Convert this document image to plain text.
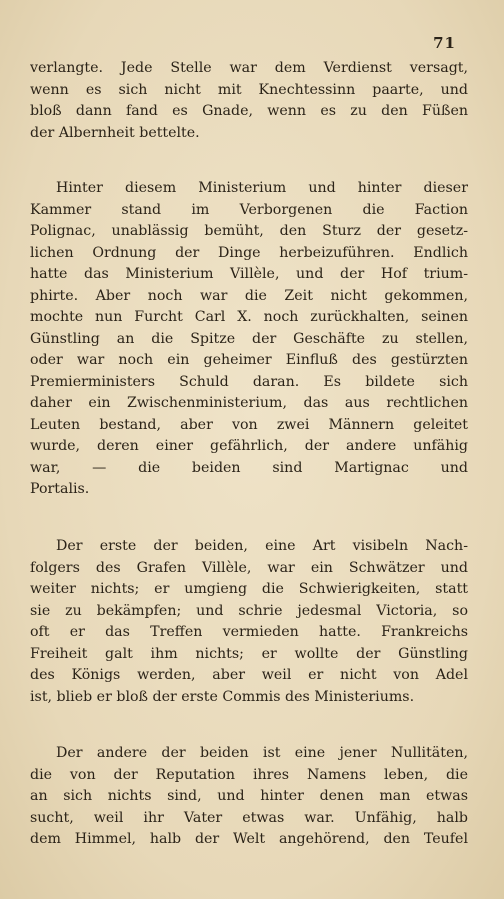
71
verlangte. Jede Stelle war dem Verdienst versagt,
wenn es sich nicht mit Knechtessinn paarte, und
bloß dann fand es Gnade, wenn es zu den Füßen
der Albernheit bettelte.
Hinter diesem Ministerium und hinter dieser
Kammer stand im Verborgenen die Faction
Polignac, unablässig bemüht, den Sturz der gesetz-
lichen Ordnung der Dinge herbeizuführen. Endlich
hatte das Ministerium Villèle, und der Hof trium-
phirte. Aber noch war die Zeit nicht gekommen,
mochte nun Furcht Carl X. noch zurückhalten, seinen
Günstling an die Spitze der Geschäfte zu stellen,
oder war noch ein geheimer Einfluß des gestürzten
Premierministers Schuld daran. Es bildete sich
daher ein Zwischenministerium, das aus rechtlichen
Leuten bestand, aber von zwei Männern geleitet
wurde, deren einer gefährlich, der andere unfähig
war, — die beiden sind Martignac und
Portalis.
Der erste der beiden, eine Art visibeln Nach-
folgers des Grafen Villèle, war ein Schwätzer und
weiter nichts; er umgieng die Schwierigkeiten, statt
sie zu bekämpfen; und schrie jedesmal Victoria, so
oft er das Treffen vermieden hatte. Frankreichs
Freiheit galt ihm nichts; er wollte der Günstling
des Königs werden, aber weil er nicht von Adel
ist, blieb er bloß der erste Commis des Ministeriums.
Der andere der beiden ist eine jener Nullitäten,
die von der Reputation ihres Namens leben, die
an sich nichts sind, und hinter denen man etwas
sucht, weil ihr Vater etwas war. Unfähig, halb
dem Himmel, halb der Welt angehörend, den Teufel
